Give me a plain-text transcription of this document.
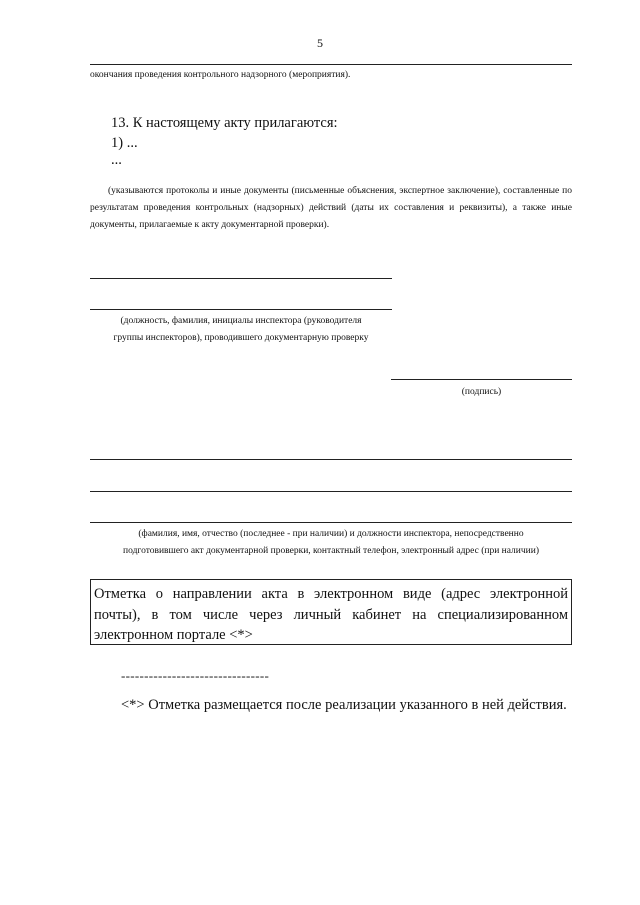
5
окончания проведения контрольного надзорного (мероприятия).
13. К настоящему акту прилагаются:
1) ...
...
(указываются протоколы и иные документы (письменные объяснения, экспертное заключение), составленные по результатам проведения контрольных (надзорных) действий (даты их составления и реквизиты), а также иные документы, прилагаемые к акту документарной проверки).
(должность, фамилия, инициалы инспектора (руководителя
группы инспекторов), проводившего документарную проверку
(подпись)
(фамилия, имя, отчество (последнее - при наличии) и должности инспектора, непосредственно
подготовившего акт документарной проверки, контактный телефон, электронный адрес (при наличии)
Отметка о направлении акта в электронном виде (адрес электронной почты), в том числе через личный кабинет на специализированном электронном портале <*>
--------------------------------
<*> Отметка размещается после реализации указанного в ней действия.
